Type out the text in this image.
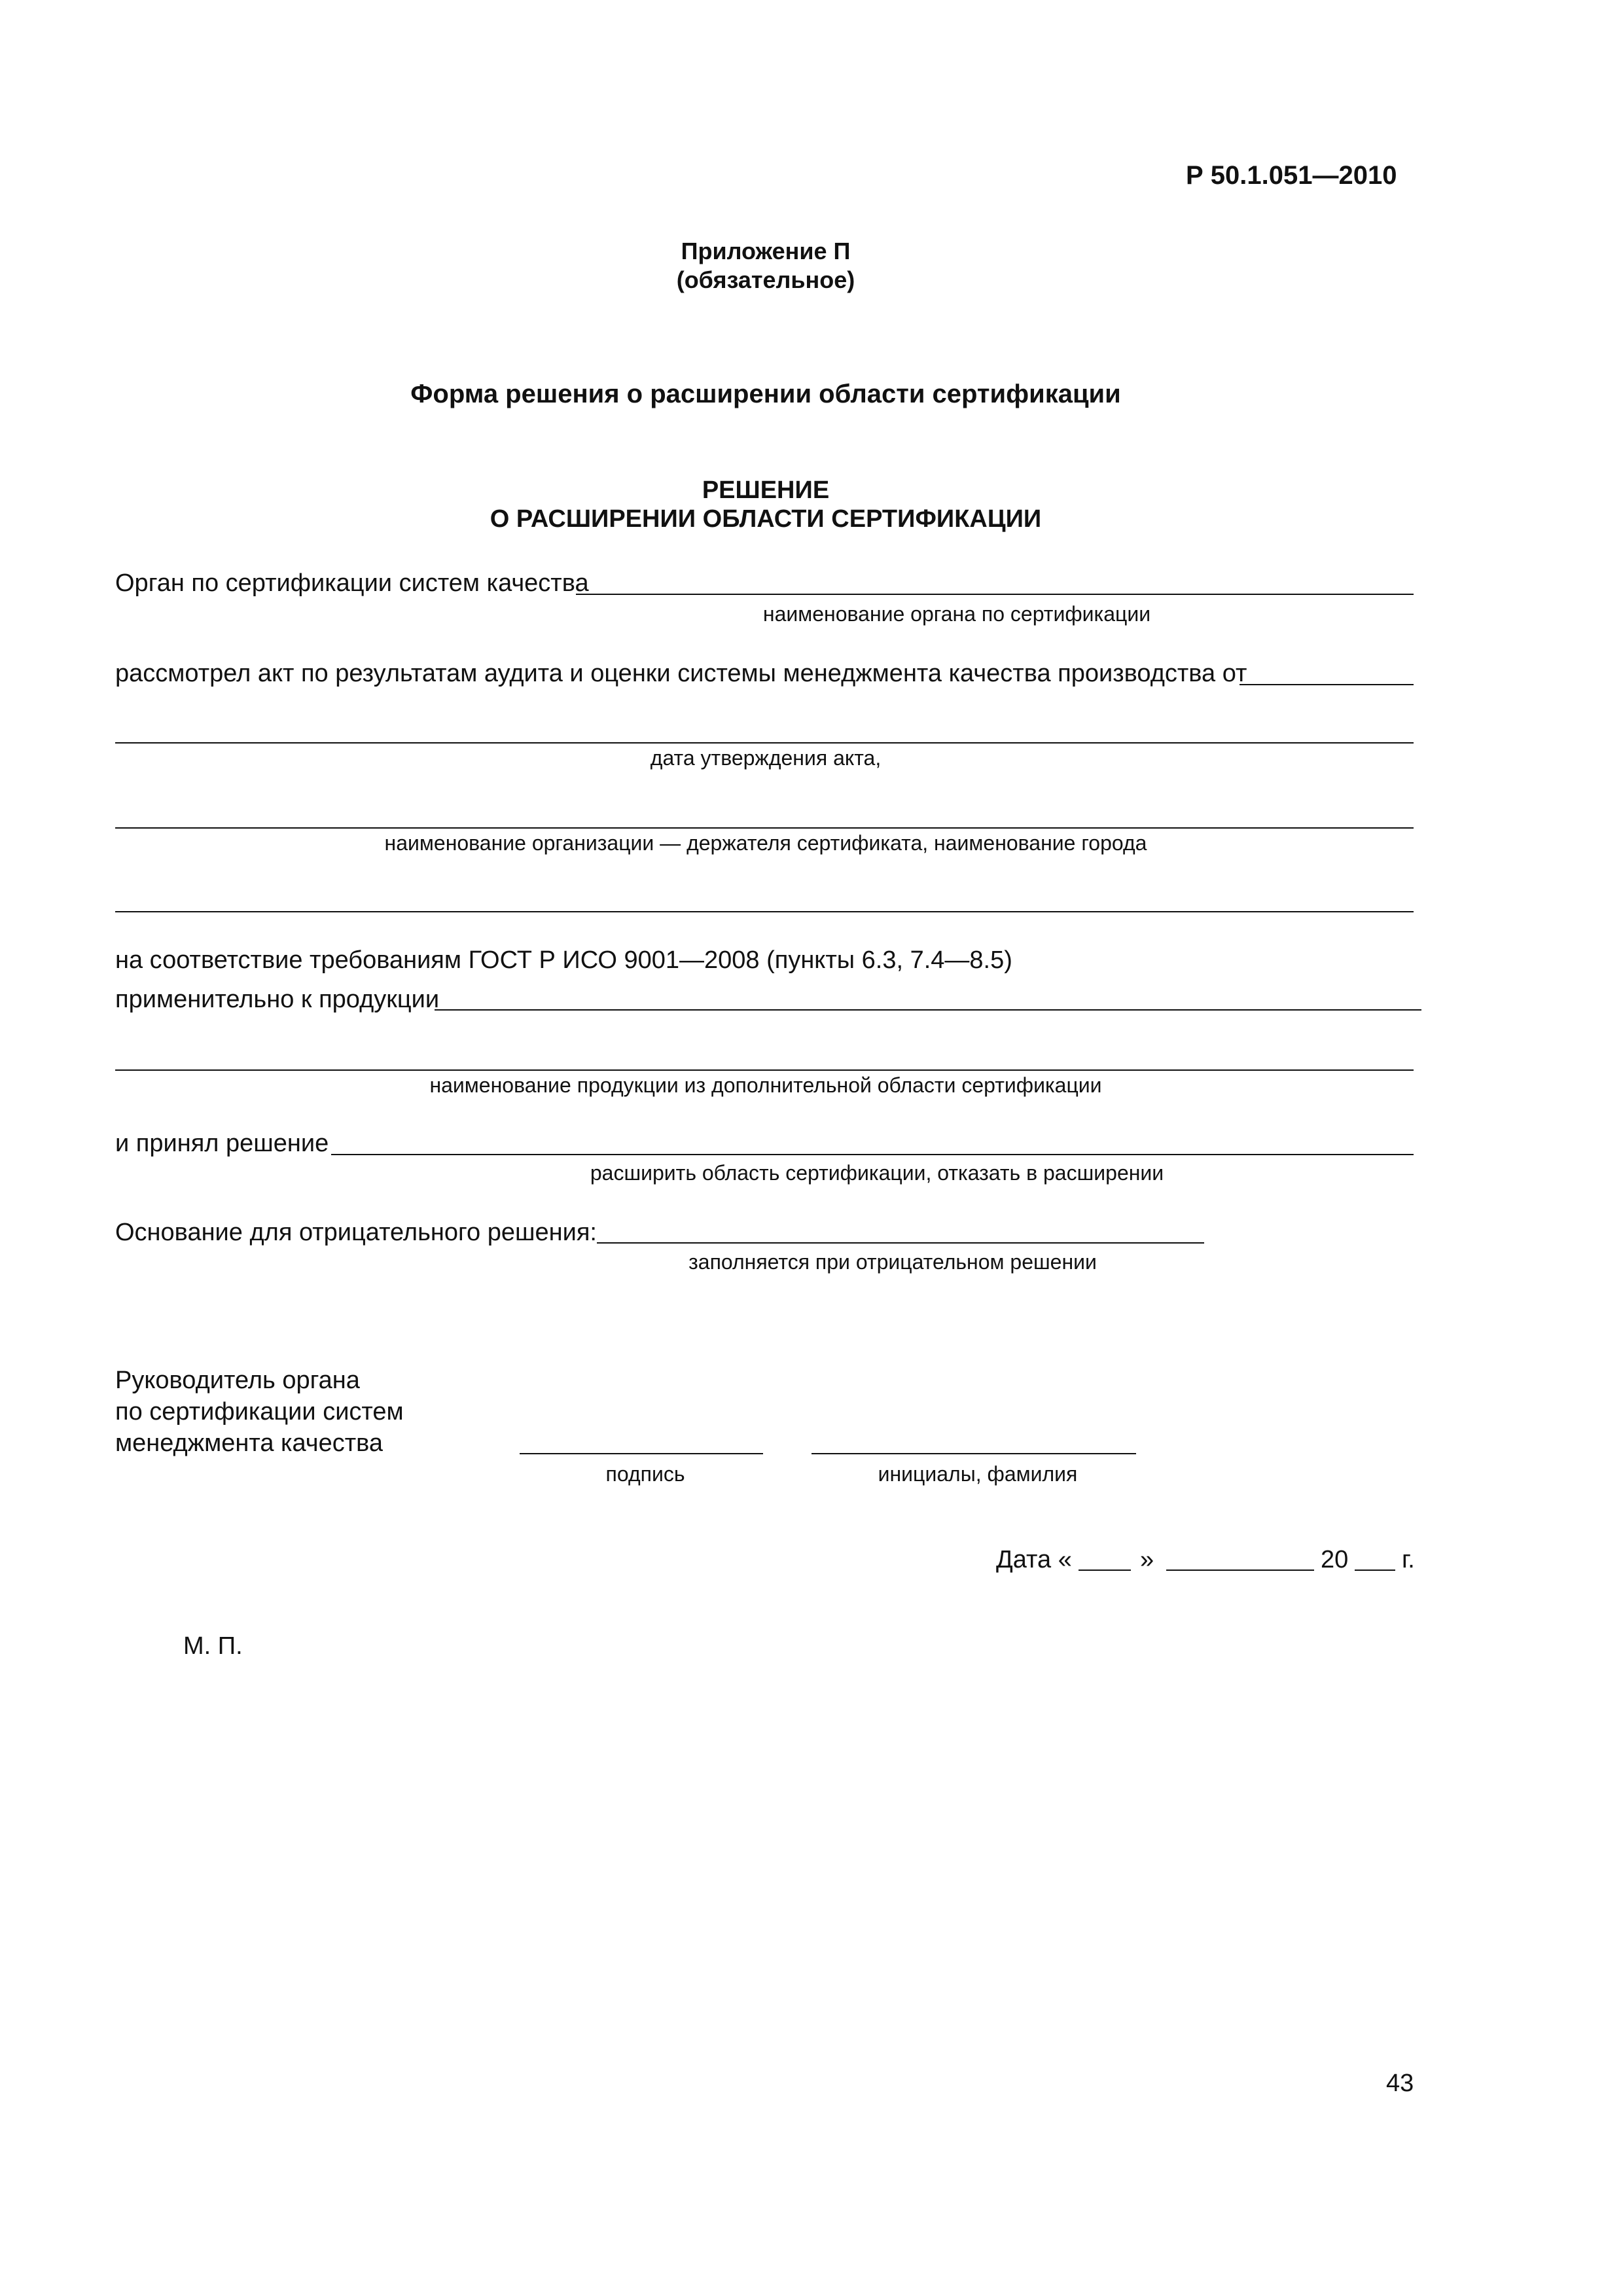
Р 50.1.051—2010
Приложение П
(обязательное)
Форма решения о расширении области сертификации
РЕШЕНИЕ
О РАСШИРЕНИИ ОБЛАСТИ СЕРТИФИКАЦИИ
Орган по сертификации систем качества
наименование органа по сертификации
рассмотрел акт по результатам аудита и оценки системы менеджмента качества производства от
дата утверждения акта,
наименование организации — держателя сертификата, наименование города
на соответствие требованиям ГОСТ Р ИСО 9001—2008 (пункты 6.3, 7.4—8.5)
применительно к продукции
наименование продукции из дополнительной области сертификации
и принял решение
расширить область сертификации, отказать в расширении
Основание для отрицательного решения:
заполняется при отрицательном решении
Руководитель органа
по сертификации систем
менеджмента качества
подпись	инициалы, фамилия
Дата «	»	20 г.
М. П.
43
